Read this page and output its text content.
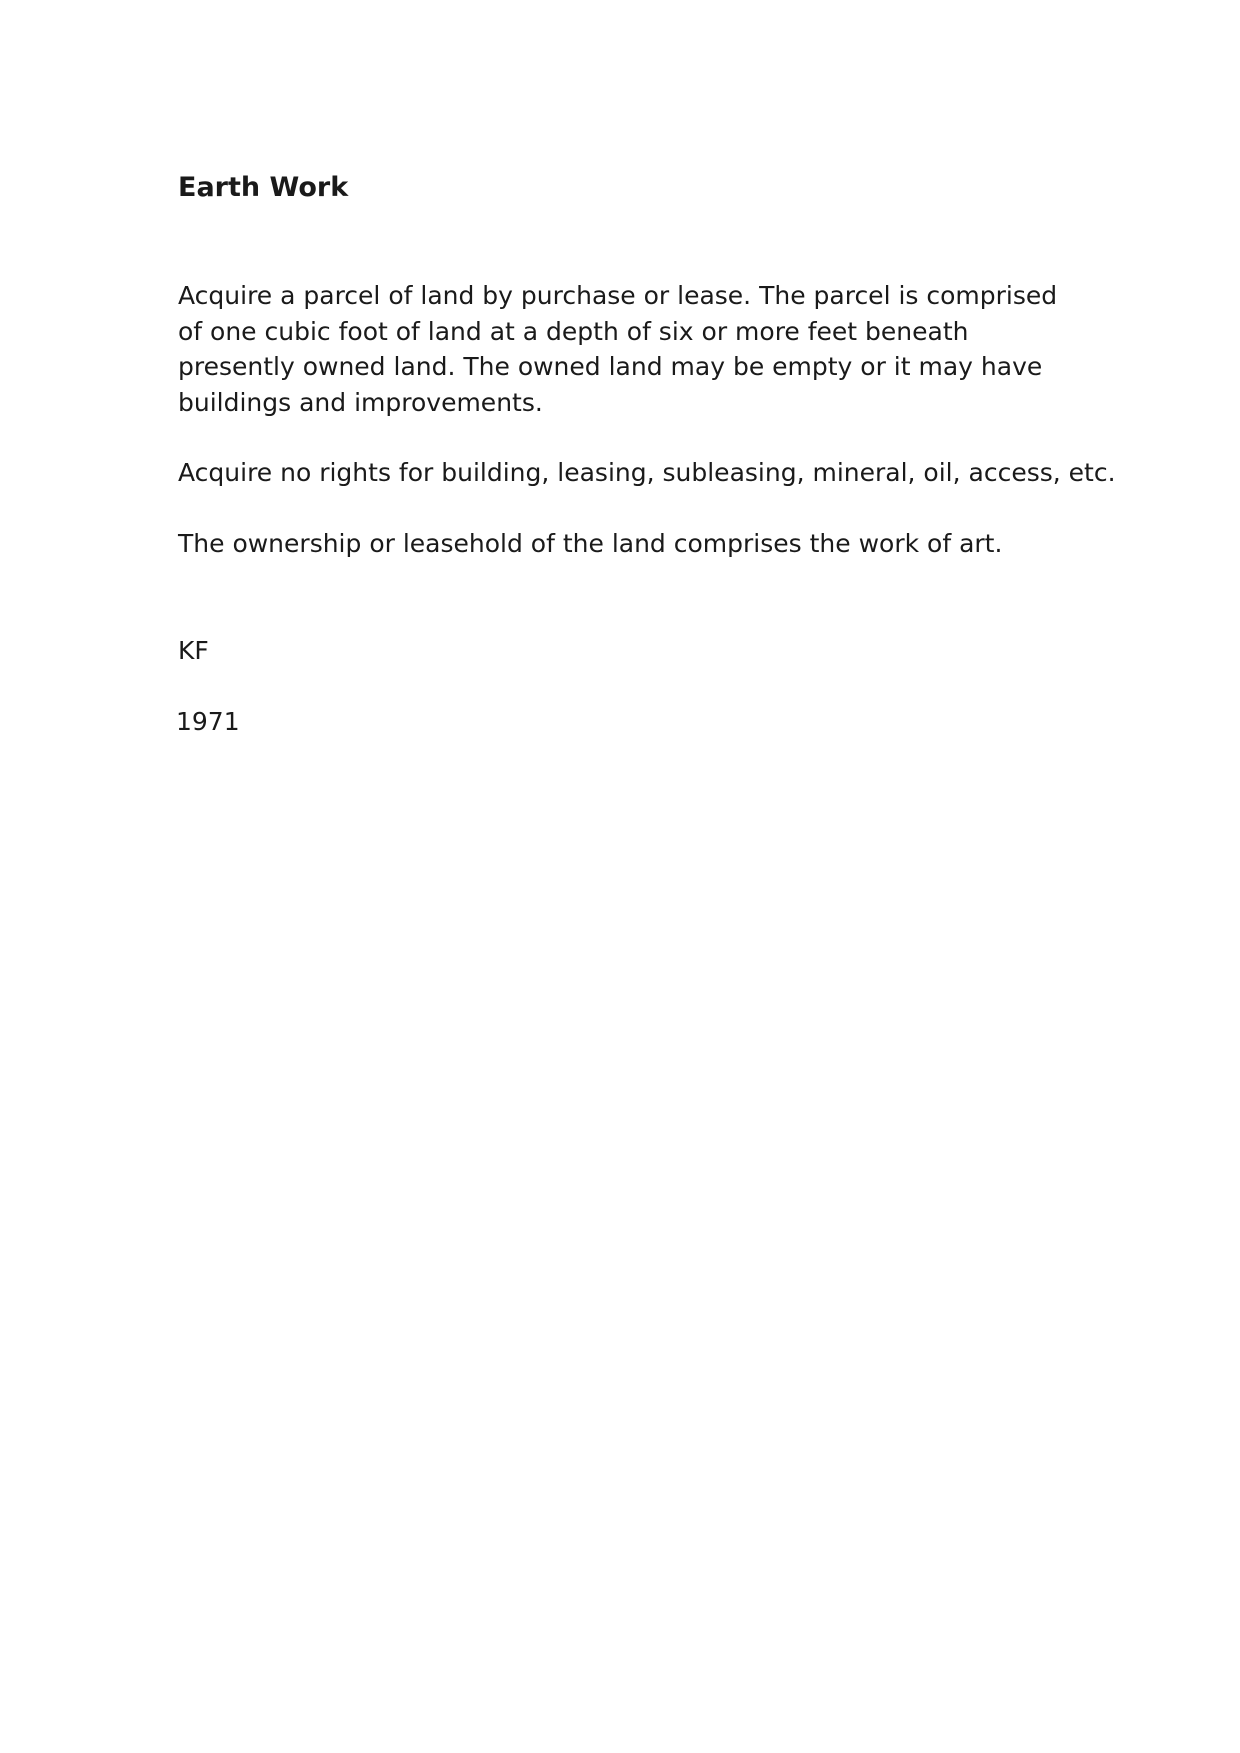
Earth Work

Acquire a parcel of land by purchase or lease. The parcel is comprised of one cubic foot of land at a depth of six or more feet beneath presently owned land. The owned land may be empty or it may have buildings and improvements.

Acquire no rights for building, leasing, subleasing, mineral, oil, access, etc.

The ownership or leasehold of the land comprises the work of art.

KF

1971
